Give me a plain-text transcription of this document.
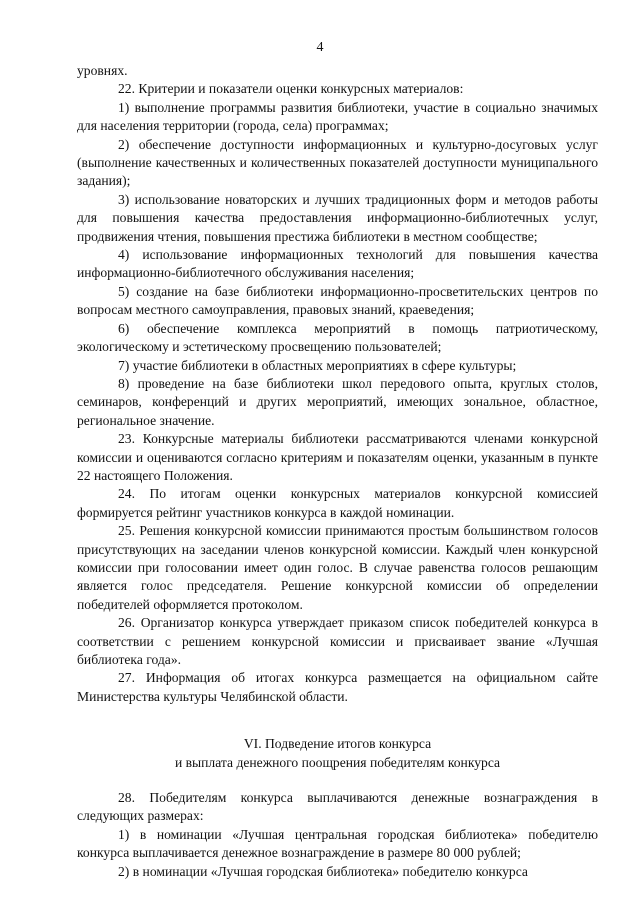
4

уровнях.

22. Критерии и показатели оценки конкурсных материалов:

1) выполнение программы развития библиотеки, участие в социально значимых для населения территории (города, села) программах;

2) обеспечение доступности информационных и культурно-досуговых услуг (выполнение качественных и количественных показателей доступности муниципального задания);

3) использование новаторских и лучших традиционных форм и методов работы для повышения качества предоставления информационно-библиотечных услуг, продвижения чтения, повышения престижа библиотеки в местном сообществе;

4) использование информационных технологий для повышения качества информационно-библиотечного обслуживания населения;

5) создание на базе библиотеки информационно-просветительских центров по вопросам местного самоуправления, правовых знаний, краеведения;

6) обеспечение комплекса мероприятий в помощь патриотическому, экологическому и эстетическому просвещению пользователей;

7) участие библиотеки в областных мероприятиях в сфере культуры;

8) проведение на базе библиотеки школ передового опыта, круглых столов, семинаров, конференций и других мероприятий, имеющих зональное, областное, региональное значение.

23. Конкурсные материалы библиотеки рассматриваются членами конкурсной комиссии и оцениваются согласно критериям и показателям оценки, указанным в пункте 22 настоящего Положения.

24. По итогам оценки конкурсных материалов конкурсной комиссией формируется рейтинг участников конкурса в каждой номинации.

25. Решения конкурсной комиссии принимаются простым большинством голосов присутствующих на заседании членов конкурсной комиссии. Каждый член конкурсной комиссии при голосовании имеет один голос. В случае равенства голосов решающим является голос председателя. Решение конкурсной комиссии об определении победителей оформляется протоколом.

26. Организатор конкурса утверждает приказом список победителей конкурса в соответствии с решением конкурсной комиссии и присваивает звание «Лучшая библиотека года».

27. Информация об итогах конкурса размещается на официальном сайте Министерства культуры Челябинской области.

VI. Подведение итогов конкурса
и выплата денежного поощрения победителям конкурса

28. Победителям конкурса выплачиваются денежные вознаграждения в следующих размерах:

1) в номинации «Лучшая центральная городская библиотека» победителю конкурса выплачивается денежное вознаграждение в размере 80 000 рублей;

2) в номинации «Лучшая городская библиотека» победителю конкурса
